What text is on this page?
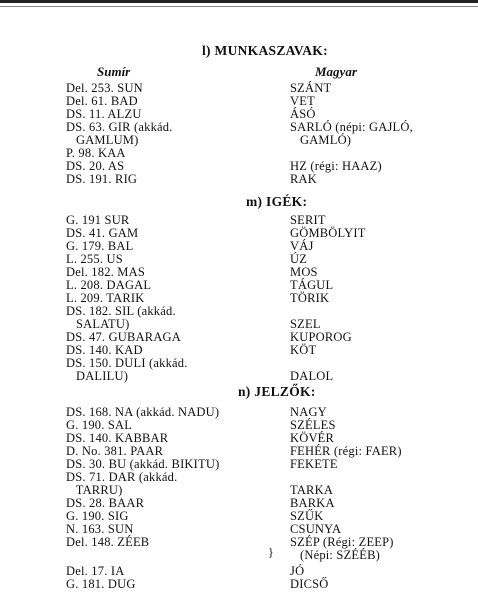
l) MUNKASZAVAK:
Sumír	Magyar
Del. 253. SUN	SZÁNT
Del. 61. BAD	VET
DS. 11. ALZU	ÁSÓ
DS. 63. GIR (akkád.	SARLÓ (népi: GAJLÓ,
GAMLUM)	GAMLÓ)
P. 98. KAA
DS. 20. AS	HZ (régi: HAAZ)
DS. 191. RIG	RAK
m) IGÉK:
G. 191 SUR	SERIT
DS. 41. GAM	GÖMBÖLYIT
G. 179. BAL	VÁJ
L. 255. US	ÚZ
Del. 182. MAS	MOS
L. 208. DAGAL	TÁGUL
L. 209. TARIK	TÖRIK
DS. 182. SIL (akkád.
SALATU)	SZEL
DS. 47. GUBARAGA	KUPOROG
DS. 140. KAD	KÖT
DS. 150. DULI (akkád.
DALILU)	DALOL
n) JELZŐK:
DS. 168. NA (akkád. NADU)	NAGY
G. 190. SAL	SZÉLES
DS. 140. KABBAR	KÖVÉR
D. No. 381. PAAR	FEHÉR (régi: FAER)
DS. 30. BU (akkád. BIKITU)	FEKETE
DS. 71. DAR (akkád.
TARRU)	TARKA
DS. 28. BAAR	BARKA
G. 190. SIG	SZŰK
N. 163. SUN	CSUNYA
Del. 148. ZÉEB	SZÉP (Régi: ZEEP)
(Népi: SZÉÉB)
Del. 17. IA	JÓ
G. 181. DUG	DICSŐ
}
